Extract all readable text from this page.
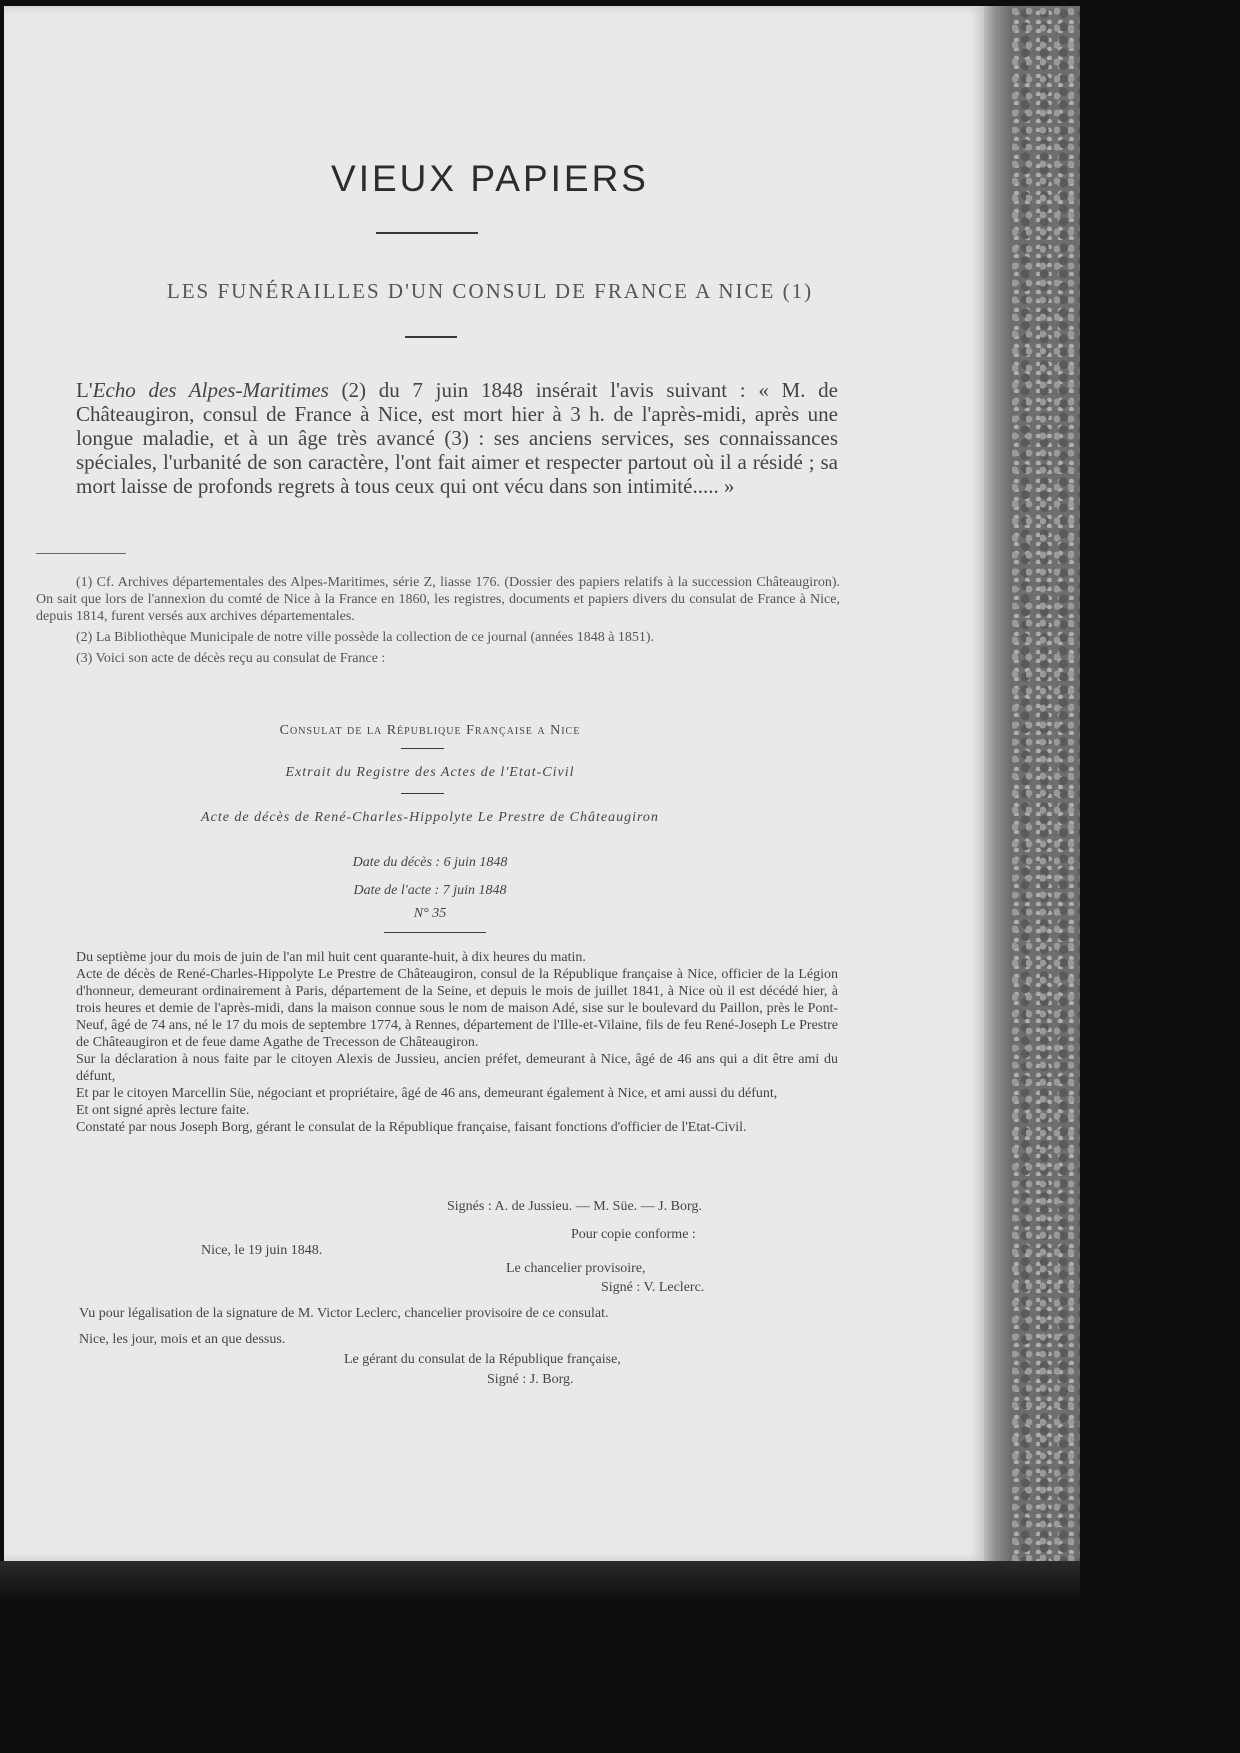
VIEUX PAPIERS
LES FUNÉRAILLES D'UN CONSUL DE FRANCE A NICE (1)
L'Echo des Alpes-Maritimes (2) du 7 juin 1848 insérait l'avis suivant : « M. de Châteaugiron, consul de France à Nice, est mort hier à 3 h. de l'après-midi, après une longue maladie, et à un âge très avancé (3) : ses anciens services, ses connaissances spéciales, l'urbanité de son caractère, l'ont fait aimer et respecter partout où il a résidé ; sa mort laisse de profonds regrets à tous ceux qui ont vécu dans son intimité..... »

(1) Cf. Archives départementales des Alpes-Maritimes, série Z, liasse 176. (Dossier des papiers relatifs à la succession Châteaugiron). On sait que lors de l'annexion du comté de Nice à la France en 1860, les registres, documents et papiers divers du consulat de France à Nice, depuis 1814, furent versés aux archives départementales.

(2) La Bibliothèque Municipale de notre ville possède la collection de ce journal (années 1848 à 1851).

(3) Voici son acte de décès reçu au consulat de France :

Consulat de la République Française a Nice
Extrait du Registre des Actes de l'Etat-Civil
Acte de décès de René-Charles-Hippolyte Le Prestre de Châteaugiron
Date du décès : 6 juin 1848
Date de l'acte : 7 juin 1848
N° 35

Du septième jour du mois de juin de l'an mil huit cent quarante-huit, à dix heures du matin.

Acte de décès de René-Charles-Hippolyte Le Prestre de Châteaugiron, consul de la République française à Nice, officier de la Légion d'honneur, demeurant ordinairement à Paris, département de la Seine, et depuis le mois de juillet 1841, à Nice où il est décédé hier, à trois heures et demie de l'après-midi, dans la maison connue sous le nom de maison Adé, sise sur le boulevard du Paillon, près le Pont-Neuf, âgé de 74 ans, né le 17 du mois de septembre 1774, à Rennes, département de l'Ille-et-Vilaine, fils de feu René-Joseph Le Prestre de Châteaugiron et de feue dame Agathe de Trecesson de Châteaugiron.

Sur la déclaration à nous faite par le citoyen Alexis de Jussieu, ancien préfet, demeurant à Nice, âgé de 46 ans qui a dit être ami du défunt,

Et par le citoyen Marcellin Süe, négociant et propriétaire, âgé de 46 ans, demeurant également à Nice, et ami aussi du défunt,

Et ont signé après lecture faite.

Constaté par nous Joseph Borg, gérant le consulat de la République française, faisant fonctions d'officier de l'Etat-Civil.

Signés : A. de Jussieu. — M. Süe. — J. Borg.
Pour copie conforme :
Nice, le 19 juin 1848.
Le chancelier provisoire,
Signé : V. Leclerc.
Vu pour légalisation de la signature de M. Victor Leclerc, chancelier provisoire de ce consulat.
Nice, les jour, mois et an que dessus.
Le gérant du consulat de la République française,
Signé : J. Borg.
